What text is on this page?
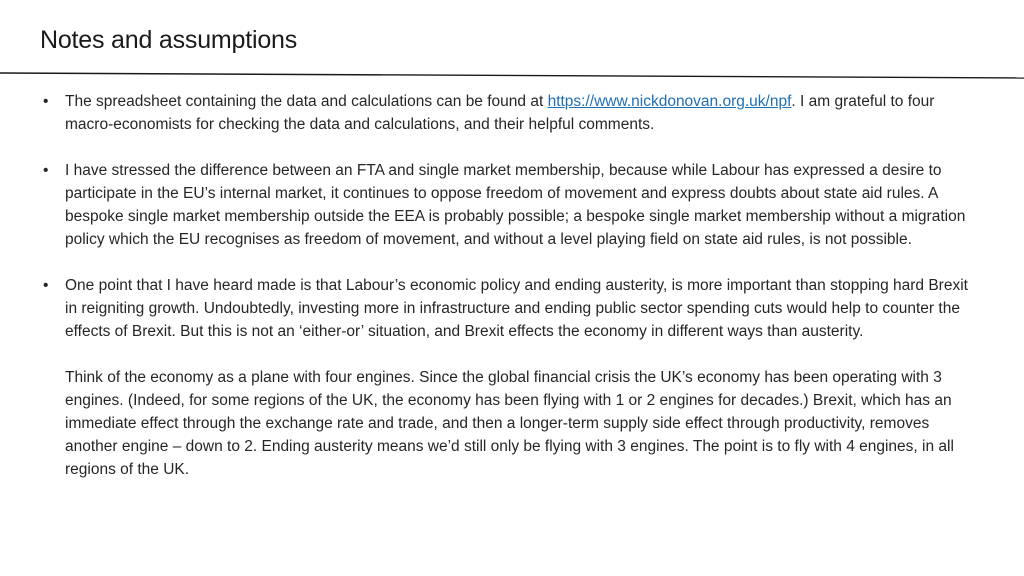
Notes and assumptions
• The spreadsheet containing the data and calculations can be found at https://www.nickdonovan.org.uk/npf. I am grateful to four macro-economists for checking the data and calculations, and their helpful comments.
• I have stressed the difference between an FTA and single market membership, because while Labour has expressed a desire to participate in the EU’s internal market, it continues to oppose freedom of movement and express doubts about state aid rules. A bespoke single market membership outside the EEA is probably possible; a bespoke single market membership without a migration policy which the EU recognises as freedom of movement, and without a level playing field on state aid rules, is not possible.
• One point that I have heard made is that Labour’s economic policy and ending austerity, is more important than stopping hard Brexit in reigniting growth. Undoubtedly, investing more in infrastructure and ending public sector spending cuts would help to counter the effects of Brexit. But this is not an ‘either-or’ situation, and Brexit effects the economy in different ways than austerity.

Think of the economy as a plane with four engines. Since the global financial crisis the UK’s economy has been operating with 3 engines. (Indeed, for some regions of the UK, the economy has been flying with 1 or 2 engines for decades.) Brexit, which has an immediate effect through the exchange rate and trade, and then a longer-term supply side effect through productivity, removes another engine – down to 2. Ending austerity means we’d still only be flying with 3 engines. The point is to fly with 4 engines, in all regions of the UK.
